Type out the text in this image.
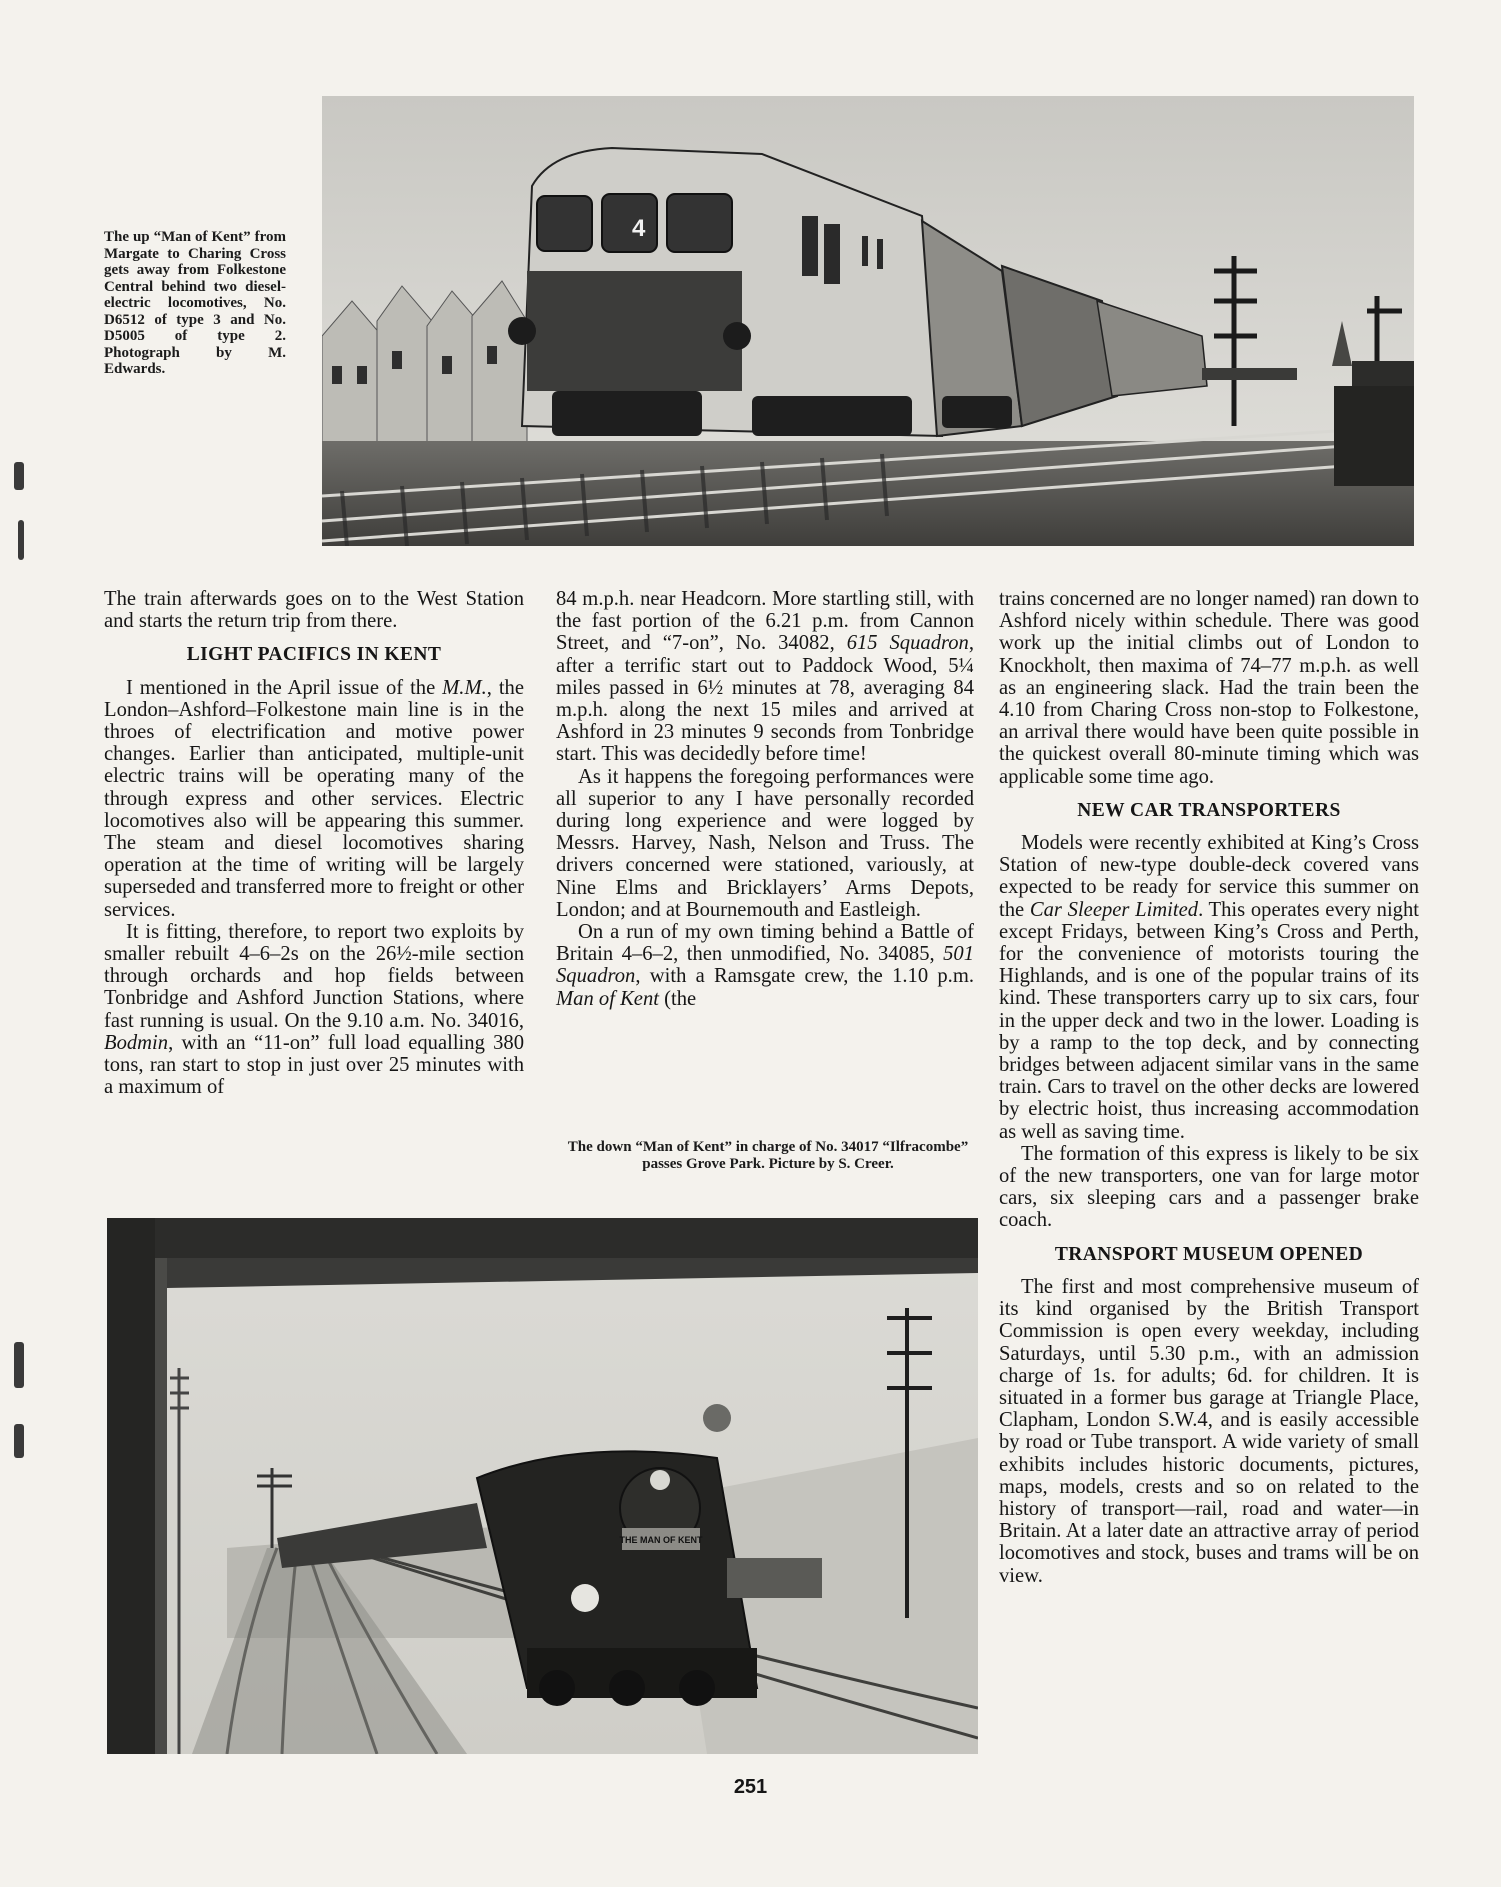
4
The up “Man of Kent” from Margate to Charing Cross gets away from Folkestone Central behind two diesel-electric locomotives, No. D6512 of type 3 and No. D5005 of type 2. Photograph by M. Edwards.

The train afterwards goes on to the West Station and starts the return trip from there.

LIGHT PACIFICS IN KENT

I mentioned in the April issue of the M.M., the London–Ashford–Folkestone main line is in the throes of electrification and motive power changes. Earlier than anticipated, multiple-unit electric trains will be operating many of the through express and other services. Electric locomotives also will be appearing this summer. The steam and diesel locomotives sharing operation at the time of writing will be largely superseded and transferred more to freight or other services.

It is fitting, therefore, to report two exploits by smaller rebuilt 4–6–2s on the 26½-mile section through orchards and hop fields between Tonbridge and Ashford Junction Stations, where fast running is usual. On the 9.10 a.m. No. 34016, Bodmin, with an “11-on” full load equalling 380 tons, ran start to stop in just over 25 minutes with a maximum of

84 m.p.h. near Headcorn. More startling still, with the fast portion of the 6.21 p.m. from Cannon Street, and “7-on”, No. 34082, 615 Squadron, after a terrific start out to Paddock Wood, 5¼ miles passed in 6½ minutes at 78, averaging 84 m.p.h. along the next 15 miles and arrived at Ashford in 23 minutes 9 seconds from Tonbridge start. This was decidedly before time!

As it happens the foregoing performances were all superior to any I have personally recorded during long experience and were logged by Messrs. Harvey, Nash, Nelson and Truss. The drivers concerned were stationed, variously, at Nine Elms and Bricklayers’ Arms Depots, London; and at Bournemouth and Eastleigh.

On a run of my own timing behind a Battle of Britain 4–6–2, then unmodified, No. 34085, 501 Squadron, with a Ramsgate crew, the 1.10 p.m. Man of Kent (the

The down “Man of Kent” in charge of No. 34017 “Ilfracombe” passes Grove Park. Picture by S. Creer.
THE MAN OF KENT

trains concerned are no longer named) ran down to Ashford nicely within schedule. There was good work up the initial climbs out of London to Knockholt, then maxima of 74–77 m.p.h. as well as an engineering slack. Had the train been the 4.10 from Charing Cross non-stop to Folkestone, an arrival there would have been quite possible in the quickest overall 80-minute timing which was applicable some time ago.

NEW CAR TRANSPORTERS

Models were recently exhibited at King’s Cross Station of new-type double-deck covered vans expected to be ready for service this summer on the Car Sleeper Limited. This operates every night except Fridays, between King’s Cross and Perth, for the convenience of motorists touring the Highlands, and is one of the popular trains of its kind. These transporters carry up to six cars, four in the upper deck and two in the lower. Loading is by a ramp to the top deck, and by connecting bridges between adjacent similar vans in the same train. Cars to travel on the other decks are lowered by electric hoist, thus increasing accommodation as well as saving time.

The formation of this express is likely to be six of the new transporters, one van for large motor cars, six sleeping cars and a passenger brake coach.

TRANSPORT MUSEUM OPENED

The first and most comprehensive museum of its kind organised by the British Transport Commission is open every weekday, including Saturdays, until 5.30 p.m., with an admission charge of 1s. for adults; 6d. for children. It is situated in a former bus garage at Triangle Place, Clapham, London S.W.4, and is easily accessible by road or Tube transport. A wide variety of small exhibits includes historic documents, pictures, maps, models, crests and so on related to the history of transport—rail, road and water—in Britain. At a later date an attractive array of period locomotives and stock, buses and trams will be on view.

251
